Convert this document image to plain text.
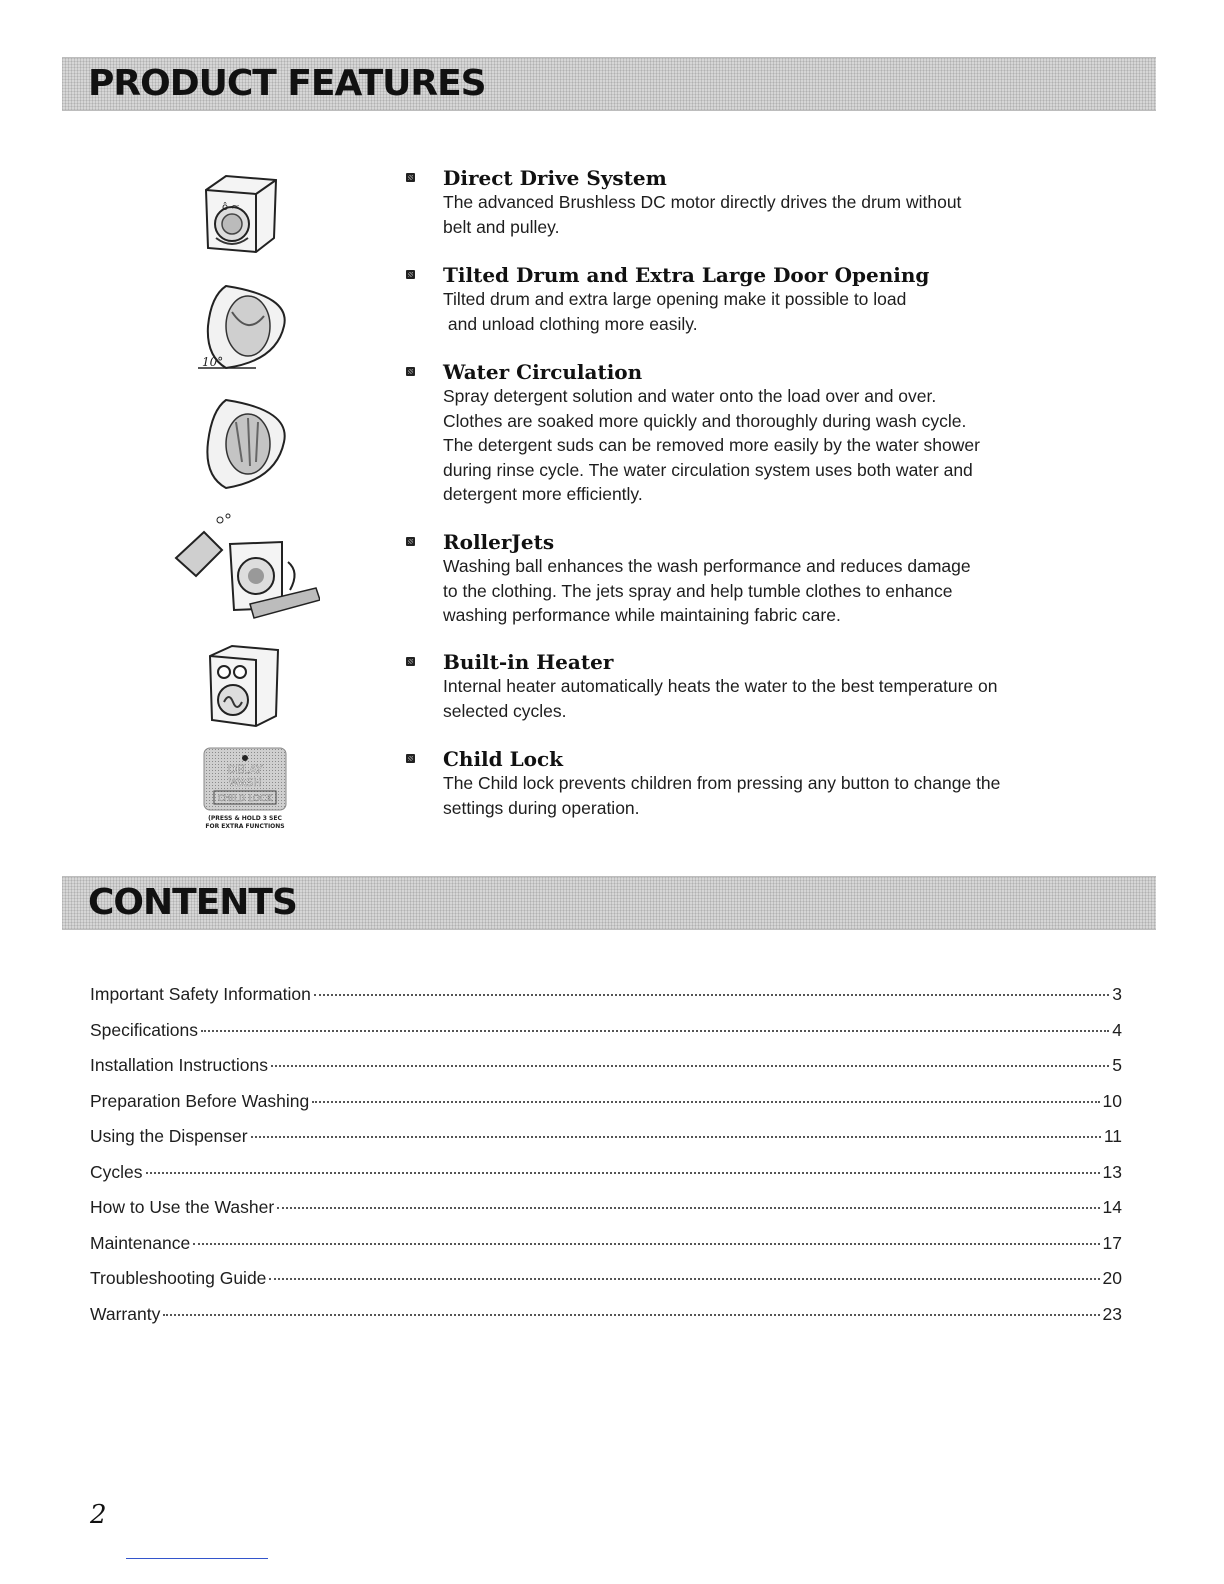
PRODUCT FEATURES
CONTENTS
Direct Drive System

The advanced Brushless DC motor directly drives the drum without

belt and pulley.

Tilted Drum and Extra Large Door Opening

Tilted drum and extra large opening make it possible to load

and unload clothing more easily.

Water Circulation

Spray detergent solution and water onto the load over and over.

Clothes are soaked more quickly and thoroughly during wash cycle.

The detergent suds can be removed more easily by the water shower

during rinse cycle. The water circulation system uses both water and

detergent more efficiently.

RollerJets

Washing ball enhances the wash performance and reduces damage

to the clothing. The jets spray and help tumble clothes to enhance

washing performance while maintaining fabric care.

Built-in Heater

Internal heater automatically heats the water to the best temperature on

selected cycles.

Child Lock

The Child lock prevents children from pressing any button to change the

settings during operation.

ô ≈
10°
DELAY
WASH
CHILD LOCK
(PRESS & HOLD 3 SEC
FOR EXTRA FUNCTIONS
Important Safety Information	3
Specifications	4
Installation Instructions	5
Preparation Before Washing	10
Using the Dispenser	11
Cycles	13
How to Use the Washer	14
Maintenance	17
Troubleshooting Guide	20
Warranty	23
2
